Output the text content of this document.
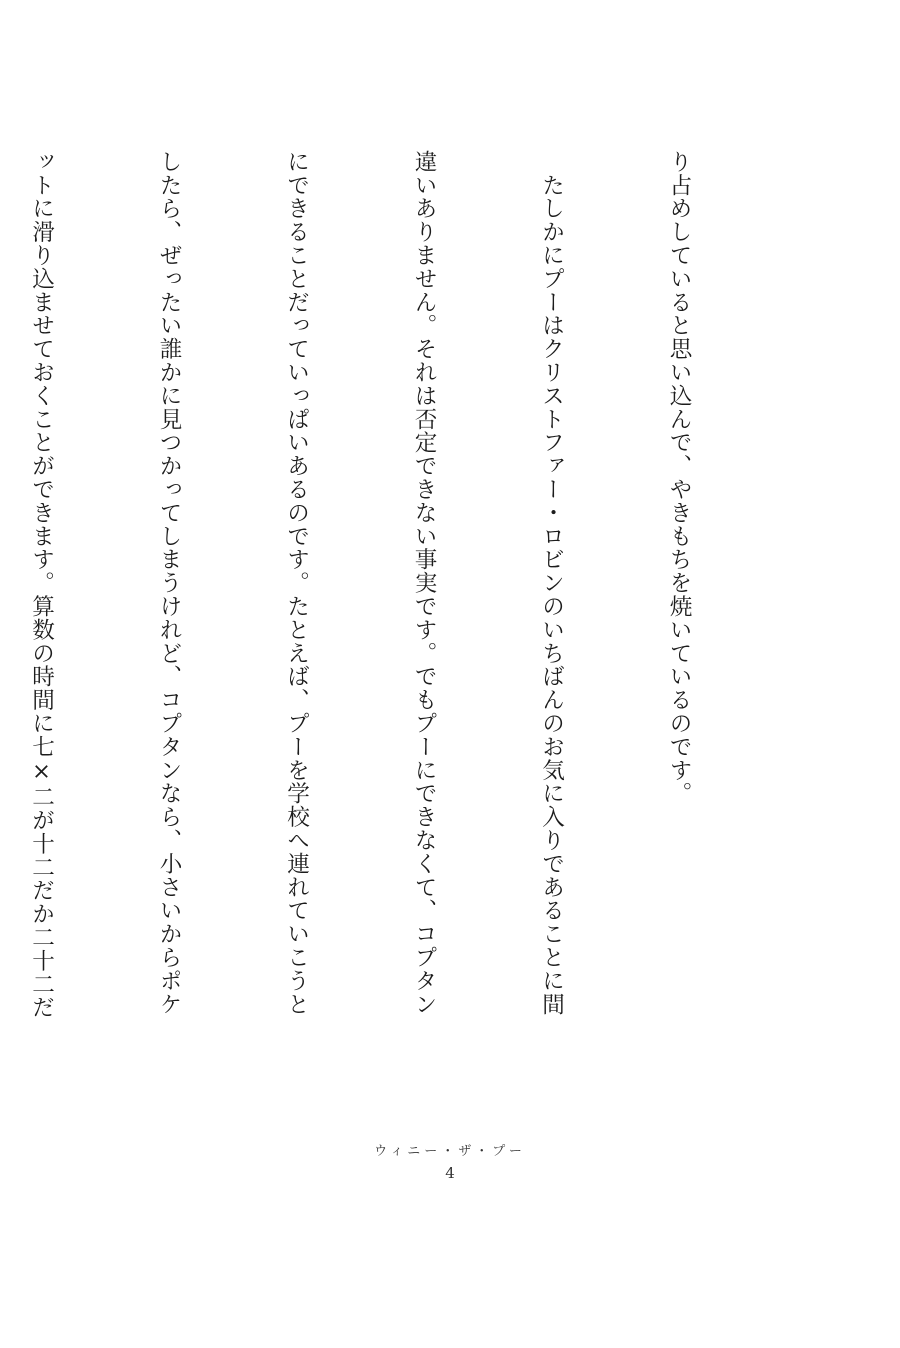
り占めしていると思い込んで、やきもちを焼いているのです。

　たしかにプーはクリストファー・ロビンのいちばんのお気に入りであることに間

違いありません。それは否定できない事実です。でもプーにできなくて、コプタン

にできることだっていっぱいあるのです。たとえば、プーを学校へ連れていこうと

したら、ぜったい誰かに見つかってしまうけれど、コプタンなら、小さいからポケ

ットに滑り込ませておくことができます。算数の時間に七×二が十二だか二十二だ

ウィニー・ザ・プー
4
